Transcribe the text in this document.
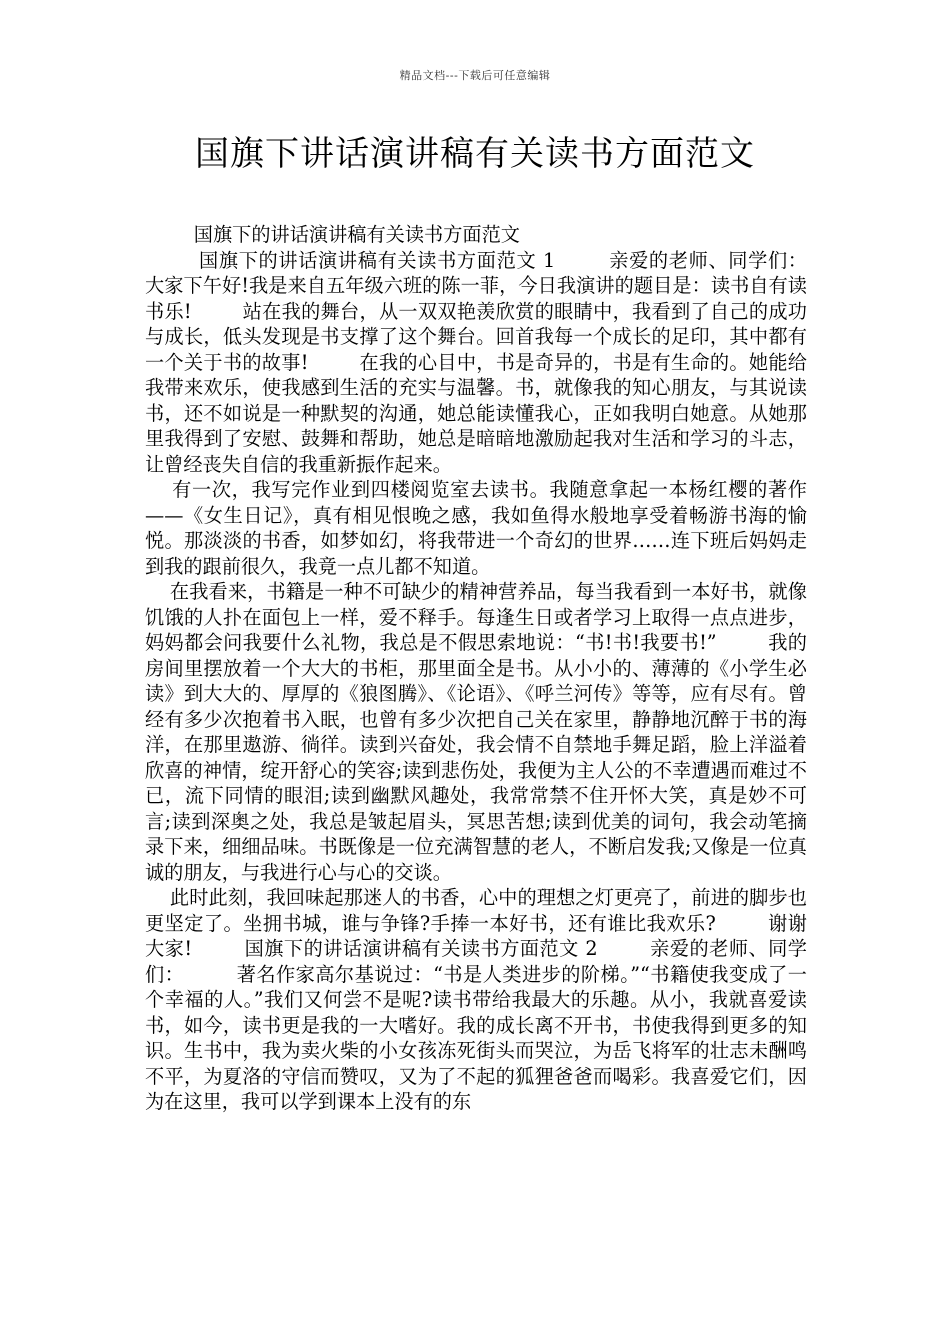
精品文档---下载后可任意编辑
国旗下讲话演讲稿有关读书方面范文

国旗下的讲话演讲稿有关读书方面范文

国旗下的讲话演讲稿有关读书方面范文 1        亲爱的老师、同学们：        大家下午好!我是来自五年级六班的陈一菲，今日我演讲的题目是：读书自有读书乐!        站在我的舞台，从一双双艳羡欣赏的眼睛中，我看到了自己的成功与成长，低头发现是书支撑了这个舞台。回首我每一个成长的足印，其中都有一个关于书的故事!        在我的心目中，书是奇异的，书是有生命的。她能给我带来欢乐，使我感到生活的充实与温馨。书，就像我的知心朋友，与其说读书，还不如说是一种默契的沟通，她总能读懂我心，正如我明白她意。从她那里我得到了安慰、鼓舞和帮助，她总是暗暗地激励起我对生活和学习的斗志，让曾经丧失自信的我重新振作起来。

有一次，我写完作业到四楼阅览室去读书。我随意拿起一本杨红樱的著作——《女生日记》，真有相见恨晚之感，我如鱼得水般地享受着畅游书海的愉悦。那淡淡的书香，如梦如幻，将我带进一个奇幻的世界……连下班后妈妈走到我的跟前很久，我竟一点儿都不知道。

在我看来，书籍是一种不可缺少的精神营养品，每当我看到一本好书，就像饥饿的人扑在面包上一样，爱不释手。每逢生日或者学习上取得一点点进步，妈妈都会问我要什么礼物，我总是不假思索地说：“书!书!我要书!”        我的房间里摆放着一个大大的书柜，那里面全是书。从小小的、薄薄的《小学生必读》到大大的、厚厚的《狼图腾》、《论语》、《呼兰河传》等等，应有尽有。曾经有多少次抱着书入眠，也曾有多少次把自己关在家里，静静地沉醉于书的海洋，在那里遨游、徜徉。读到兴奋处，我会情不自禁地手舞足蹈，脸上洋溢着欣喜的神情，绽开舒心的笑容;读到悲伤处，我便为主人公的不幸遭遇而难过不已，流下同情的眼泪;读到幽默风趣处，我常常禁不住开怀大笑，真是妙不可言;读到深奥之处，我总是皱起眉头，冥思苦想;读到优美的词句，我会动笔摘录下来，细细品味。书既像是一位充满智慧的老人，不断启发我;又像是一位真诚的朋友，与我进行心与心的交谈。

此时此刻，我回味起那迷人的书香，心中的理想之灯更亮了，前进的脚步也更坚定了。坐拥书城，谁与争锋?手捧一本好书，还有谁比我欢乐?        谢谢大家!        国旗下的讲话演讲稿有关读书方面范文 2        亲爱的老师、同学们：        著名作家高尔基说过：“书是人类进步的阶梯。”“书籍使我变成了一个幸福的人。”我们又何尝不是呢?读书带给我最大的乐趣。从小，我就喜爱读书，如今，读书更是我的一大嗜好。我的成长离不开书，书使我得到更多的知识。生书中，我为卖火柴的小女孩冻死街头而哭泣，为岳飞将军的壮志未酬鸣不平，为夏洛的守信而赞叹，又为了不起的狐狸爸爸而喝彩。我喜爱它们，因为在这里，我可以学到课本上没有的东
